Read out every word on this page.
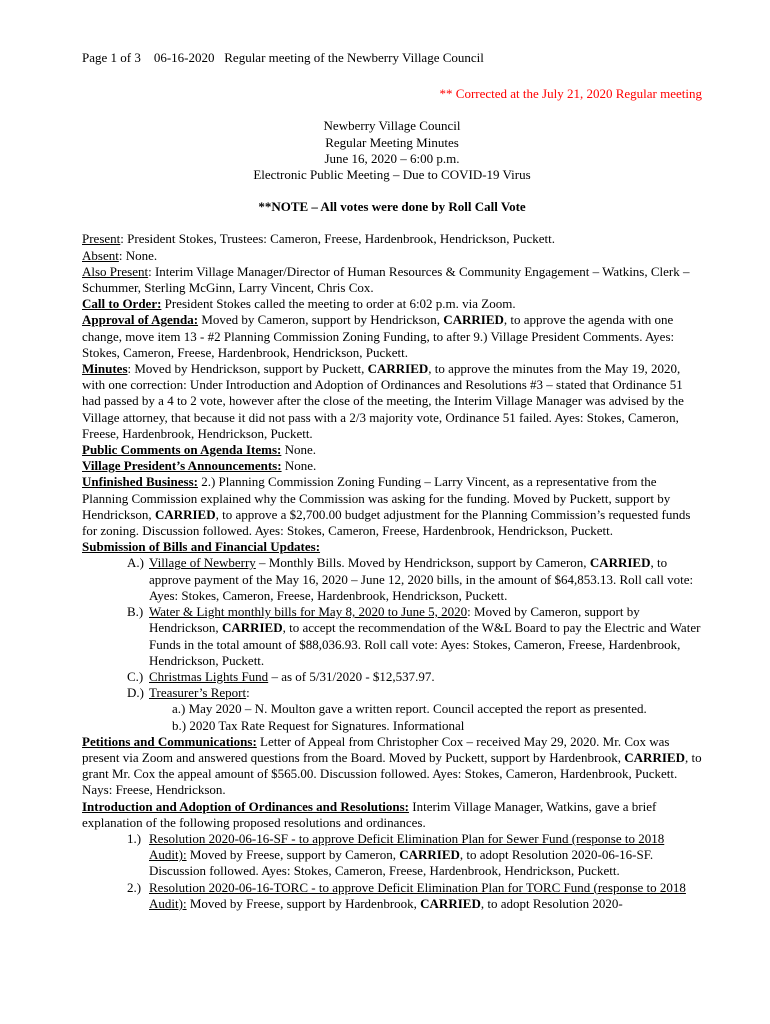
Page 1 of 3    06-16-2020   Regular meeting of the Newberry Village Council

** Corrected at the July 21, 2020 Regular meeting

Newberry Village Council

Regular Meeting Minutes

June 16, 2020 – 6:00 p.m.

Electronic Public Meeting – Due to COVID-19 Virus

**NOTE – All votes were done by Roll Call Vote

Present: President Stokes, Trustees: Cameron, Freese, Hardenbrook, Hendrickson, Puckett.

Absent: None.

Also Present: Interim Village Manager/Director of Human Resources & Community Engagement – Watkins, Clerk – Schummer, Sterling McGinn, Larry Vincent, Chris Cox.

Call to Order: President Stokes called the meeting to order at 6:02 p.m. via Zoom.

Approval of Agenda: Moved by Cameron, support by Hendrickson, CARRIED, to approve the agenda with one change, move item 13 - #2 Planning Commission Zoning Funding, to after 9.) Village President Comments. Ayes: Stokes, Cameron, Freese, Hardenbrook, Hendrickson, Puckett.

Minutes: Moved by Hendrickson, support by Puckett, CARRIED, to approve the minutes from the May 19, 2020, with one correction: Under Introduction and Adoption of Ordinances and Resolutions #3 – stated that Ordinance 51 had passed by a 4 to 2 vote, however after the close of the meeting, the Interim Village Manager was advised by the Village attorney, that because it did not pass with a 2/3 majority vote, Ordinance 51 failed. Ayes: Stokes, Cameron, Freese, Hardenbrook, Hendrickson, Puckett.

Public Comments on Agenda Items: None.

Village President’s Announcements: None.

Unfinished Business: 2.) Planning Commission Zoning Funding – Larry Vincent, as a representative from the Planning Commission explained why the Commission was asking for the funding. Moved by Puckett, support by Hendrickson, CARRIED, to approve a $2,700.00 budget adjustment for the Planning Commission’s requested funds for zoning. Discussion followed. Ayes: Stokes, Cameron, Freese, Hardenbrook, Hendrickson, Puckett.

Submission of Bills and Financial Updates:

A.) Village of Newberry – Monthly Bills. Moved by Hendrickson, support by Cameron, CARRIED, to approve payment of the May 16, 2020 – June 12, 2020 bills, in the amount of $64,853.13. Roll call vote: Ayes: Stokes, Cameron, Freese, Hardenbrook, Hendrickson, Puckett.
B.) Water & Light monthly bills for May 8, 2020 to June 5, 2020: Moved by Cameron, support by Hendrickson, CARRIED, to accept the recommendation of the W&L Board to pay the Electric and Water Funds in the total amount of $88,036.93. Roll call vote: Ayes: Stokes, Cameron, Freese, Hardenbrook, Hendrickson, Puckett.
C.) Christmas Lights Fund – as of 5/31/2020 - $12,537.97.
D.) Treasurer’s Report:

a.) May 2020 – N. Moulton gave a written report. Council accepted the report as presented.

b.) 2020 Tax Rate Request for Signatures. Informational

Petitions and Communications: Letter of Appeal from Christopher Cox – received May 29, 2020. Mr. Cox was present via Zoom and answered questions from the Board. Moved by Puckett, support by Hardenbrook, CARRIED, to grant Mr. Cox the appeal amount of $565.00. Discussion followed. Ayes: Stokes, Cameron, Hardenbrook, Puckett. Nays: Freese, Hendrickson.

Introduction and Adoption of Ordinances and Resolutions: Interim Village Manager, Watkins, gave a brief explanation of the following proposed resolutions and ordinances.

1.) Resolution 2020-06-16-SF - to approve Deficit Elimination Plan for Sewer Fund (response to 2018 Audit): Moved by Freese, support by Cameron, CARRIED, to adopt Resolution 2020-06-16-SF. Discussion followed. Ayes: Stokes, Cameron, Freese, Hardenbrook, Hendrickson, Puckett.
2.) Resolution 2020-06-16-TORC - to approve Deficit Elimination Plan for TORC Fund (response to 2018 Audit): Moved by Freese, support by Hardenbrook, CARRIED, to adopt Resolution 2020-
